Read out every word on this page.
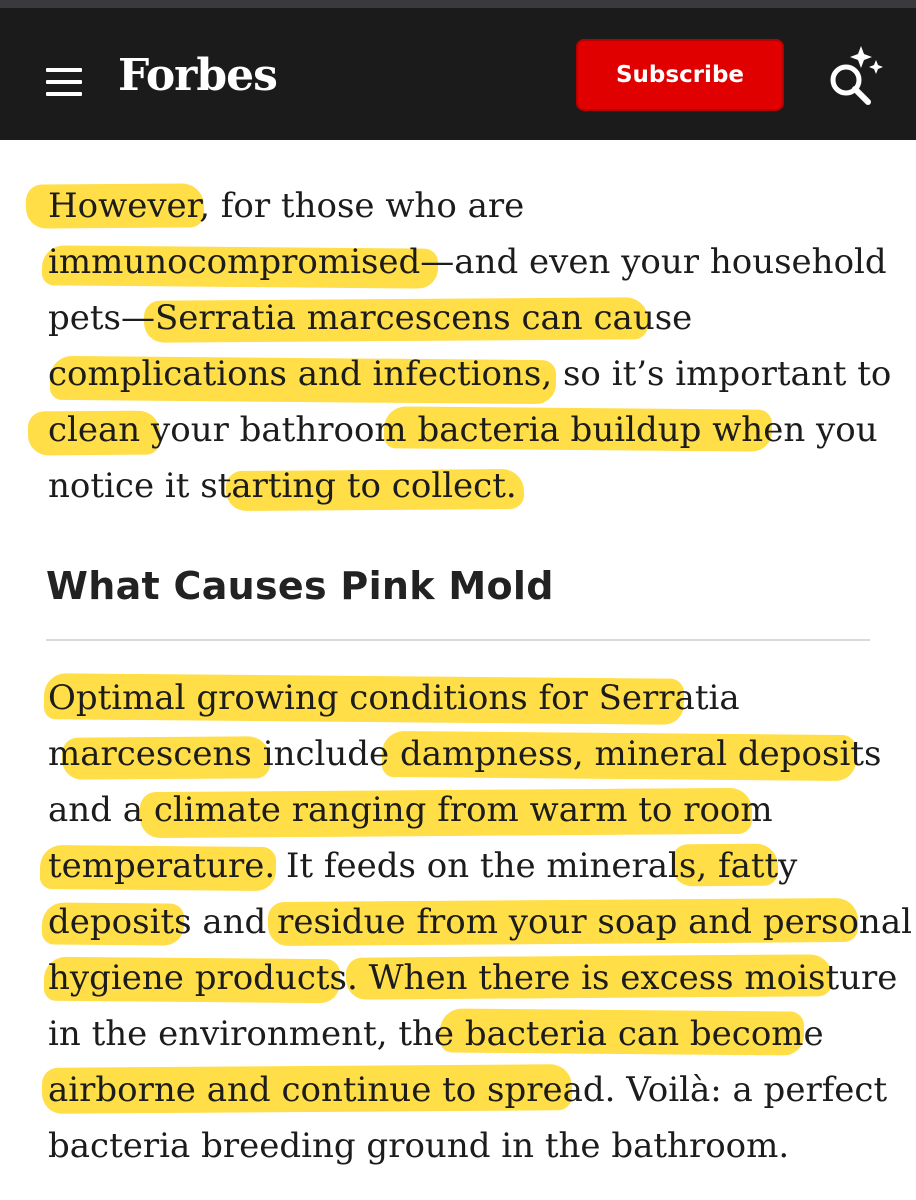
Forbes	Subscribe

However, for those who are
immunocompromised—and even your household
pets—Serratia marcescens can cause
complications and infections, so it’s important to
clean your bathroom bacteria buildup when you
notice it starting to collect.

What Causes Pink Mold

Optimal growing conditions for Serratia
marcescens include dampness, mineral deposits
and a climate ranging from warm to room
temperature. It feeds on the minerals, fatty
deposits and residue from your soap and personal
hygiene products. When there is excess moisture
in the environment, the bacteria can become
airborne and continue to spread. Voilà: a perfect
bacteria breeding ground in the bathroom.
